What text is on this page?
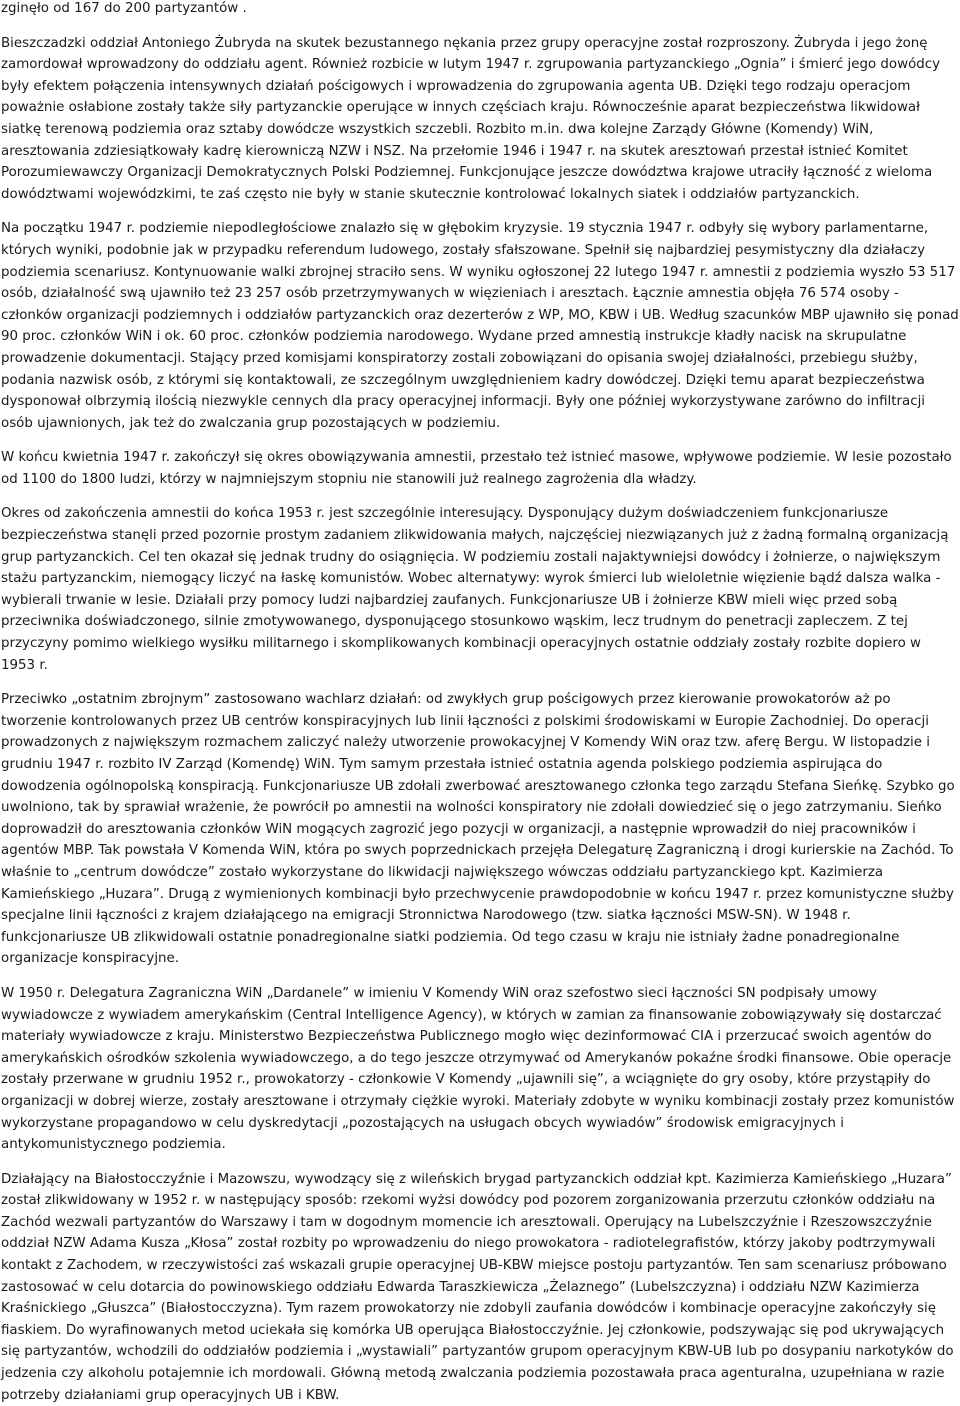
zginęło od 167 do 200 partyzantów .

Bieszczadzki oddział Antoniego Żubryda na skutek bezustannego nękania przez grupy operacyjne został rozproszony. Żubryda i jego żonę zamordował wprowadzony do oddziału agent. Również rozbicie w lutym 1947 r. zgrupowania partyzanckiego „Ognia” i śmierć jego dowódcy były efektem połączenia intensywnych działań pościgowych i wprowadzenia do zgrupowania agenta UB. Dzięki tego rodzaju operacjom poważnie osłabione zostały także siły partyzanckie operujące w innych częściach kraju. Równocześnie aparat bezpieczeństwa likwidował siatkę terenową podziemia oraz sztaby dowódcze wszystkich szczebli. Rozbito m.in. dwa kolejne Zarządy Główne (Komendy) WiN, aresztowania zdziesiątkowały kadrę kierowniczą NZW i NSZ. Na przełomie 1946 i 1947 r. na skutek aresztowań przestał istnieć Komitet Porozumiewawczy Organizacji Demokratycznych Polski Podziemnej. Funkcjonujące jeszcze dowództwa krajowe utraciły łączność z wieloma dowództwami wojewódzkimi, te zaś często nie były w stanie skutecznie kontrolować lokalnych siatek i oddziałów partyzanckich.

Na początku 1947 r. podziemie niepodległościowe znalazło się w głębokim kryzysie. 19 stycznia 1947 r. odbyły się wybory parlamentarne, których wyniki, podobnie jak w przypadku referendum ludowego, zostały sfałszowane. Spełnił się najbardziej pesymistyczny dla działaczy podziemia scenariusz. Kontynuowanie walki zbrojnej straciło sens. W wyniku ogłoszonej 22 lutego 1947 r. amnestii z podziemia wyszło 53 517 osób, działalność swą ujawniło też 23 257 osób przetrzymywanych w więzieniach i aresztach. Łącznie amnestia objęła 76 574 osoby - członków organizacji podziemnych i oddziałów partyzanckich oraz dezerterów z WP, MO, KBW i UB. Według szacunków MBP ujawniło się ponad 90 proc. członków WiN i ok. 60 proc. członków podziemia narodowego. Wydane przed amnestią instrukcje kładły nacisk na skrupulatne prowadzenie dokumentacji. Stający przed komisjami konspiratorzy zostali zobowiązani do opisania swojej działalności, przebiegu służby, podania nazwisk osób, z którymi się kontaktowali, ze szczególnym uwzględnieniem kadry dowódczej. Dzięki temu aparat bezpieczeństwa dysponował olbrzymią ilością niezwykle cennych dla pracy operacyjnej informacji. Były one później wykorzystywane zarówno do infiltracji osób ujawnionych, jak też do zwalczania grup pozostających w podziemiu.

W końcu kwietnia 1947 r. zakończył się okres obowiązywania amnestii, przestało też istnieć masowe, wpływowe podziemie. W lesie pozostało od 1100 do 1800 ludzi, którzy w najmniejszym stopniu nie stanowili już realnego zagrożenia dla władzy.

Okres od zakończenia amnestii do końca 1953 r. jest szczególnie interesujący. Dysponujący dużym doświadczeniem funkcjonariusze bezpieczeństwa stanęli przed pozornie prostym zadaniem zlikwidowania małych, najczęściej niezwiązanych już z żadną formalną organizacją grup partyzanckich. Cel ten okazał się jednak trudny do osiągnięcia. W podziemiu zostali najaktywniejsi dowódcy i żołnierze, o największym stażu partyzanckim, niemogący liczyć na łaskę komunistów. Wobec alternatywy: wyrok śmierci lub wieloletnie więzienie bądź dalsza walka - wybierali trwanie w lesie. Działali przy pomocy ludzi najbardziej zaufanych. Funkcjonariusze UB i żołnierze KBW mieli więc przed sobą przeciwnika doświadczonego, silnie zmotywowanego, dysponującego stosunkowo wąskim, lecz trudnym do penetracji zapleczem. Z tej przyczyny pomimo wielkiego wysiłku militarnego i skomplikowanych kombinacji operacyjnych ostatnie oddziały zostały rozbite dopiero w 1953 r.

Przeciwko „ostatnim zbrojnym” zastosowano wachlarz działań: od zwykłych grup pościgowych przez kierowanie prowokatorów aż po tworzenie kontrolowanych przez UB centrów konspiracyjnych lub linii łączności z polskimi środowiskami w Europie Zachodniej. Do operacji prowadzonych z największym rozmachem zaliczyć należy utworzenie prowokacyjnej V Komendy WiN oraz tzw. aferę Bergu. W listopadzie i grudniu 1947 r. rozbito IV Zarząd (Komendę) WiN. Tym samym przestała istnieć ostatnia agenda polskiego podziemia aspirująca do dowodzenia ogólnopolską konspiracją. Funkcjonariusze UB zdołali zwerbować aresztowanego członka tego zarządu Stefana Sieńkę. Szybko go uwolniono, tak by sprawiał wrażenie, że powrócił po amnestii na wolności konspiratory nie zdołali dowiedzieć się o jego zatrzymaniu. Sieńko doprowadził do aresztowania członków WiN mogących zagrozić jego pozycji w organizacji, a następnie wprowadził do niej pracowników i agentów MBP. Tak powstała V Komenda WiN, która po swych poprzednickach przejęła Delegaturę Zagraniczną i drogi kurierskie na Zachód. To właśnie to „centrum dowódcze” zostało wykorzystane do likwidacji największego wówczas oddziału partyzanckiego kpt. Kazimierza Kamieńskiego „Huzara”. Drugą z wymienionych kombinacji było przechwycenie prawdopodobnie w końcu 1947 r. przez komunistyczne służby specjalne linii łączności z krajem działającego na emigracji Stronnictwa Narodowego (tzw. siatka łączności MSW-SN). W 1948 r. funkcjonariusze UB zlikwidowali ostatnie ponadregionalne siatki podziemia. Od tego czasu w kraju nie istniały żadne ponadregionalne organizacje konspiracyjne.

W 1950 r. Delegatura Zagraniczna WiN „Dardanele” w imieniu V Komendy WiN oraz szefostwo sieci łączności SN podpisały umowy wywiadowcze z wywiadem amerykańskim (Central Intelligence Agency), w których w zamian za finansowanie zobowiązywały się dostarczać materiały wywiadowcze z kraju. Ministerstwo Bezpieczeństwa Publicznego mogło więc dezinformować CIA i przerzucać swoich agentów do amerykańskich ośrodków szkolenia wywiadowczego, a do tego jeszcze otrzymywać od Amerykanów pokaźne środki finansowe. Obie operacje zostały przerwane w grudniu 1952 r., prowokatorzy - członkowie V Komendy „ujawnili się”, a wciągnięte do gry osoby, które przystąpiły do organizacji w dobrej wierze, zostały aresztowane i otrzymały ciężkie wyroki. Materiały zdobyte w wyniku kombinacji zostały przez komunistów wykorzystane propagandowo w celu dyskredytacji „pozostających na usługach obcych wywiadów” środowisk emigracyjnych i antykomunistycznego podziemia.

Działający na Białostocczyźnie i Mazowszu, wywodzący się z wileńskich brygad partyzanckich oddział kpt. Kazimierza Kamieńskiego „Huzara” został zlikwidowany w 1952 r. w następujący sposób: rzekomi wyżsi dowódcy pod pozorem zorganizowania przerzutu członków oddziału na Zachód wezwali partyzantów do Warszawy i tam w dogodnym momencie ich aresztowali. Operujący na Lubelszczyźnie i Rzeszowszczyźnie oddział NZW Adama Kusza „Kłosa” został rozbity po wprowadzeniu do niego prowokatora - radiotelegrafistów, którzy jakoby podtrzymywali kontakt z Zachodem, w rzeczywistości zaś wskazali grupie operacyjnej UB-KBW miejsce postoju partyzantów. Ten sam scenariusz próbowano zastosować w celu dotarcia do powinowskiego oddziału Edwarda Taraszkiewicza „Żelaznego” (Lubelszczyzna) i oddziału NZW Kazimierza Kraśnickiego „Głuszca” (Białostocczyzna). Tym razem prowokatorzy nie zdobyli zaufania dowódców i kombinacje operacyjne zakończyły się fiaskiem. Do wyrafinowanych metod uciekała się komórka UB operująca Białostocczyźnie. Jej członkowie, podszywając się pod ukrywających się partyzantów, wchodzili do oddziałów podziemia i „wystawiali” partyzantów grupom operacyjnym KBW-UB lub po dosypaniu narkotyków do jedzenia czy alkoholu potajemnie ich mordowali. Główną metodą zwalczania podziemia pozostawała praca agenturalna, uzupełniana w razie potrzeby działaniami grup operacyjnych UB i KBW.
